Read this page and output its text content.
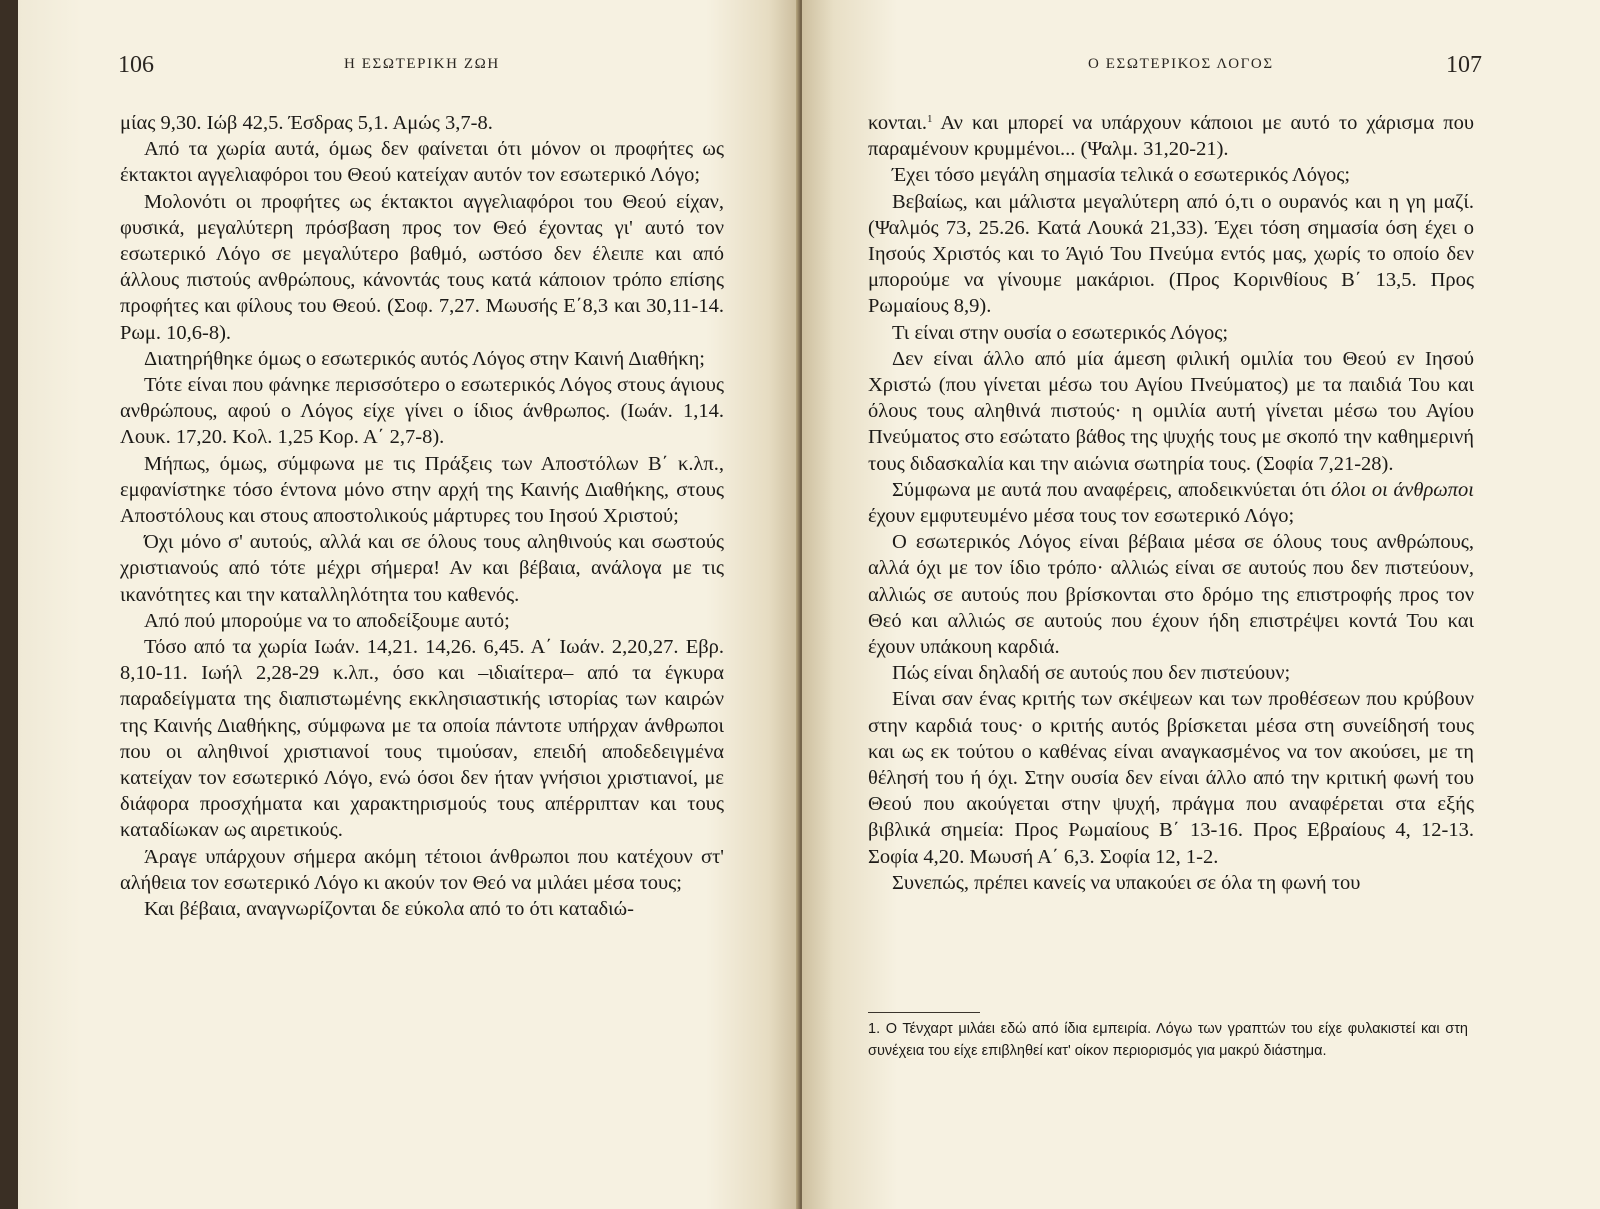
106	Η ΕΣΩΤΕΡΙΚΗ ΖΩΗ

μίας 9,30. Ιώβ 42,5. Έσδρας 5,1. Αμώς 3,7-8.

Από τα χωρία αυτά, όμως δεν φαίνεται ότι μόνον οι προφήτες ως έκτακτοι αγγελιαφόροι του Θεού κατείχαν αυτόν τον εσωτερικό Λόγο;

Μολονότι οι προφήτες ως έκτακτοι αγγελιαφόροι του Θεού είχαν, φυσικά, μεγαλύτερη πρόσβαση προς τον Θεό έχοντας γι' αυτό τον εσωτερικό Λόγο σε μεγαλύτερο βαθμό, ωστόσο δεν έλειπε και από άλλους πιστούς ανθρώπους, κάνοντάς τους κατά κάποιον τρόπο επίσης προφήτες και φίλους του Θεού. (Σοφ. 7,27. Μωυσής Ε΄8,3 και 30,11-14. Ρωμ. 10,6-8).

Διατηρήθηκε όμως ο εσωτερικός αυτός Λόγος στην Καινή Διαθήκη;

Τότε είναι που φάνηκε περισσότερο ο εσωτερικός Λόγος στους άγιους ανθρώπους, αφού ο Λόγος είχε γίνει ο ίδιος άνθρωπος. (Ιωάν. 1,14. Λουκ. 17,20. Κολ. 1,25 Κορ. Α΄ 2,7-8).

Μήπως, όμως, σύμφωνα με τις Πράξεις των Αποστόλων Β΄ κ.λπ., εμφανίστηκε τόσο έντονα μόνο στην αρχή της Καινής Διαθήκης, στους Αποστόλους και στους αποστολικούς μάρτυρες του Ιησού Χριστού;

Όχι μόνο σ' αυτούς, αλλά και σε όλους τους αληθινούς και σωστούς χριστιανούς από τότε μέχρι σήμερα! Αν και βέβαια, ανάλογα με τις ικανότητες και την καταλληλότητα του καθενός.

Από πού μπορούμε να το αποδείξουμε αυτό;

Τόσο από τα χωρία Ιωάν. 14,21. 14,26. 6,45. Α΄ Ιωάν. 2,20,27. Εβρ. 8,10-11. Ιωήλ 2,28-29 κ.λπ., όσο και –ιδιαίτερα– από τα έγκυρα παραδείγματα της διαπιστωμένης εκκλησιαστικής ιστορίας των καιρών της Καινής Διαθήκης, σύμφωνα με τα οποία πάντοτε υπήρχαν άνθρωποι που οι αληθινοί χριστιανοί τους τιμούσαν, επειδή αποδεδειγμένα κατείχαν τον εσωτερικό Λόγο, ενώ όσοι δεν ήταν γνήσιοι χριστιανοί, με διάφορα προσχήματα και χαρακτηρισμούς τους απέρριπταν και τους καταδίωκαν ως αιρετικούς.

Άραγε υπάρχουν σήμερα ακόμη τέτοιοι άνθρωποι που κατέχουν στ' αλήθεια τον εσωτερικό Λόγο κι ακούν τον Θεό να μιλάει μέσα τους;

Και βέβαια, αναγνωρίζονται δε εύκολα από το ότι καταδιώ-

Ο ΕΣΩΤΕΡΙΚΟΣ ΛΟΓΟΣ	107

κονται.$^1$ Αν και μπορεί να υπάρχουν κάποιοι με αυτό το χάρισμα που παραμένουν κρυμμένοι... (Ψαλμ. 31,20-21).

Έχει τόσο μεγάλη σημασία τελικά ο εσωτερικός Λόγος;

Βεβαίως, και μάλιστα μεγαλύτερη από ό,τι ο ουρανός και η γη μαζί. (Ψαλμός 73, 25.26. Κατά Λουκά 21,33). Έχει τόση σημασία όση έχει ο Ιησούς Χριστός και το Άγιό Του Πνεύμα εντός μας, χωρίς το οποίο δεν μπορούμε να γίνουμε μακάριοι. (Προς Κορινθίους Β΄ 13,5. Προς Ρωμαίους 8,9).

Τι είναι στην ουσία ο εσωτερικός Λόγος;

Δεν είναι άλλο από μία άμεση φιλική ομιλία του Θεού εν Ιησού Χριστώ (που γίνεται μέσω του Αγίου Πνεύματος) με τα παιδιά Του και όλους τους αληθινά πιστούς· η ομιλία αυτή γίνεται μέσω του Αγίου Πνεύματος στο εσώτατο βάθος της ψυχής τους με σκοπό την καθημερινή τους διδασκαλία και την αιώνια σωτηρία τους. (Σοφία 7,21-28).

Σύμφωνα με αυτά που αναφέρεις, αποδεικνύεται ότι όλοι οι άνθρωποι έχουν εμφυτευμένο μέσα τους τον εσωτερικό Λόγο;

Ο εσωτερικός Λόγος είναι βέβαια μέσα σε όλους τους ανθρώπους, αλλά όχι με τον ίδιο τρόπο· αλλιώς είναι σε αυτούς που δεν πιστεύουν, αλλιώς σε αυτούς που βρίσκονται στο δρόμο της επιστροφής προς τον Θεό και αλλιώς σε αυτούς που έχουν ήδη επιστρέψει κοντά Του και έχουν υπάκουη καρδιά.

Πώς είναι δηλαδή σε αυτούς που δεν πιστεύουν;

Είναι σαν ένας κριτής των σκέψεων και των προθέσεων που κρύβουν στην καρδιά τους· ο κριτής αυτός βρίσκεται μέσα στη συνείδησή τους και ως εκ τούτου ο καθένας είναι αναγκασμένος να τον ακούσει, με τη θέλησή του ή όχι. Στην ουσία δεν είναι άλλο από την κριτική φωνή του Θεού που ακούγεται στην ψυχή, πράγμα που αναφέρεται στα εξής βιβλικά σημεία: Προς Ρωμαίους Β΄ 13-16. Προς Εβραίους 4, 12-13. Σοφία 4,20. Μωυσή Α΄ 6,3. Σοφία 12, 1-2.

Συνεπώς, πρέπει κανείς να υπακούει σε όλα τη φωνή του

1. Ο Τένχαρτ μιλάει εδώ από ίδια εμπειρία. Λόγω των γραπτών του είχε φυλακιστεί και στη συνέχεια του είχε επιβληθεί κατ' οίκον περιορισμός για μακρύ διάστημα.
